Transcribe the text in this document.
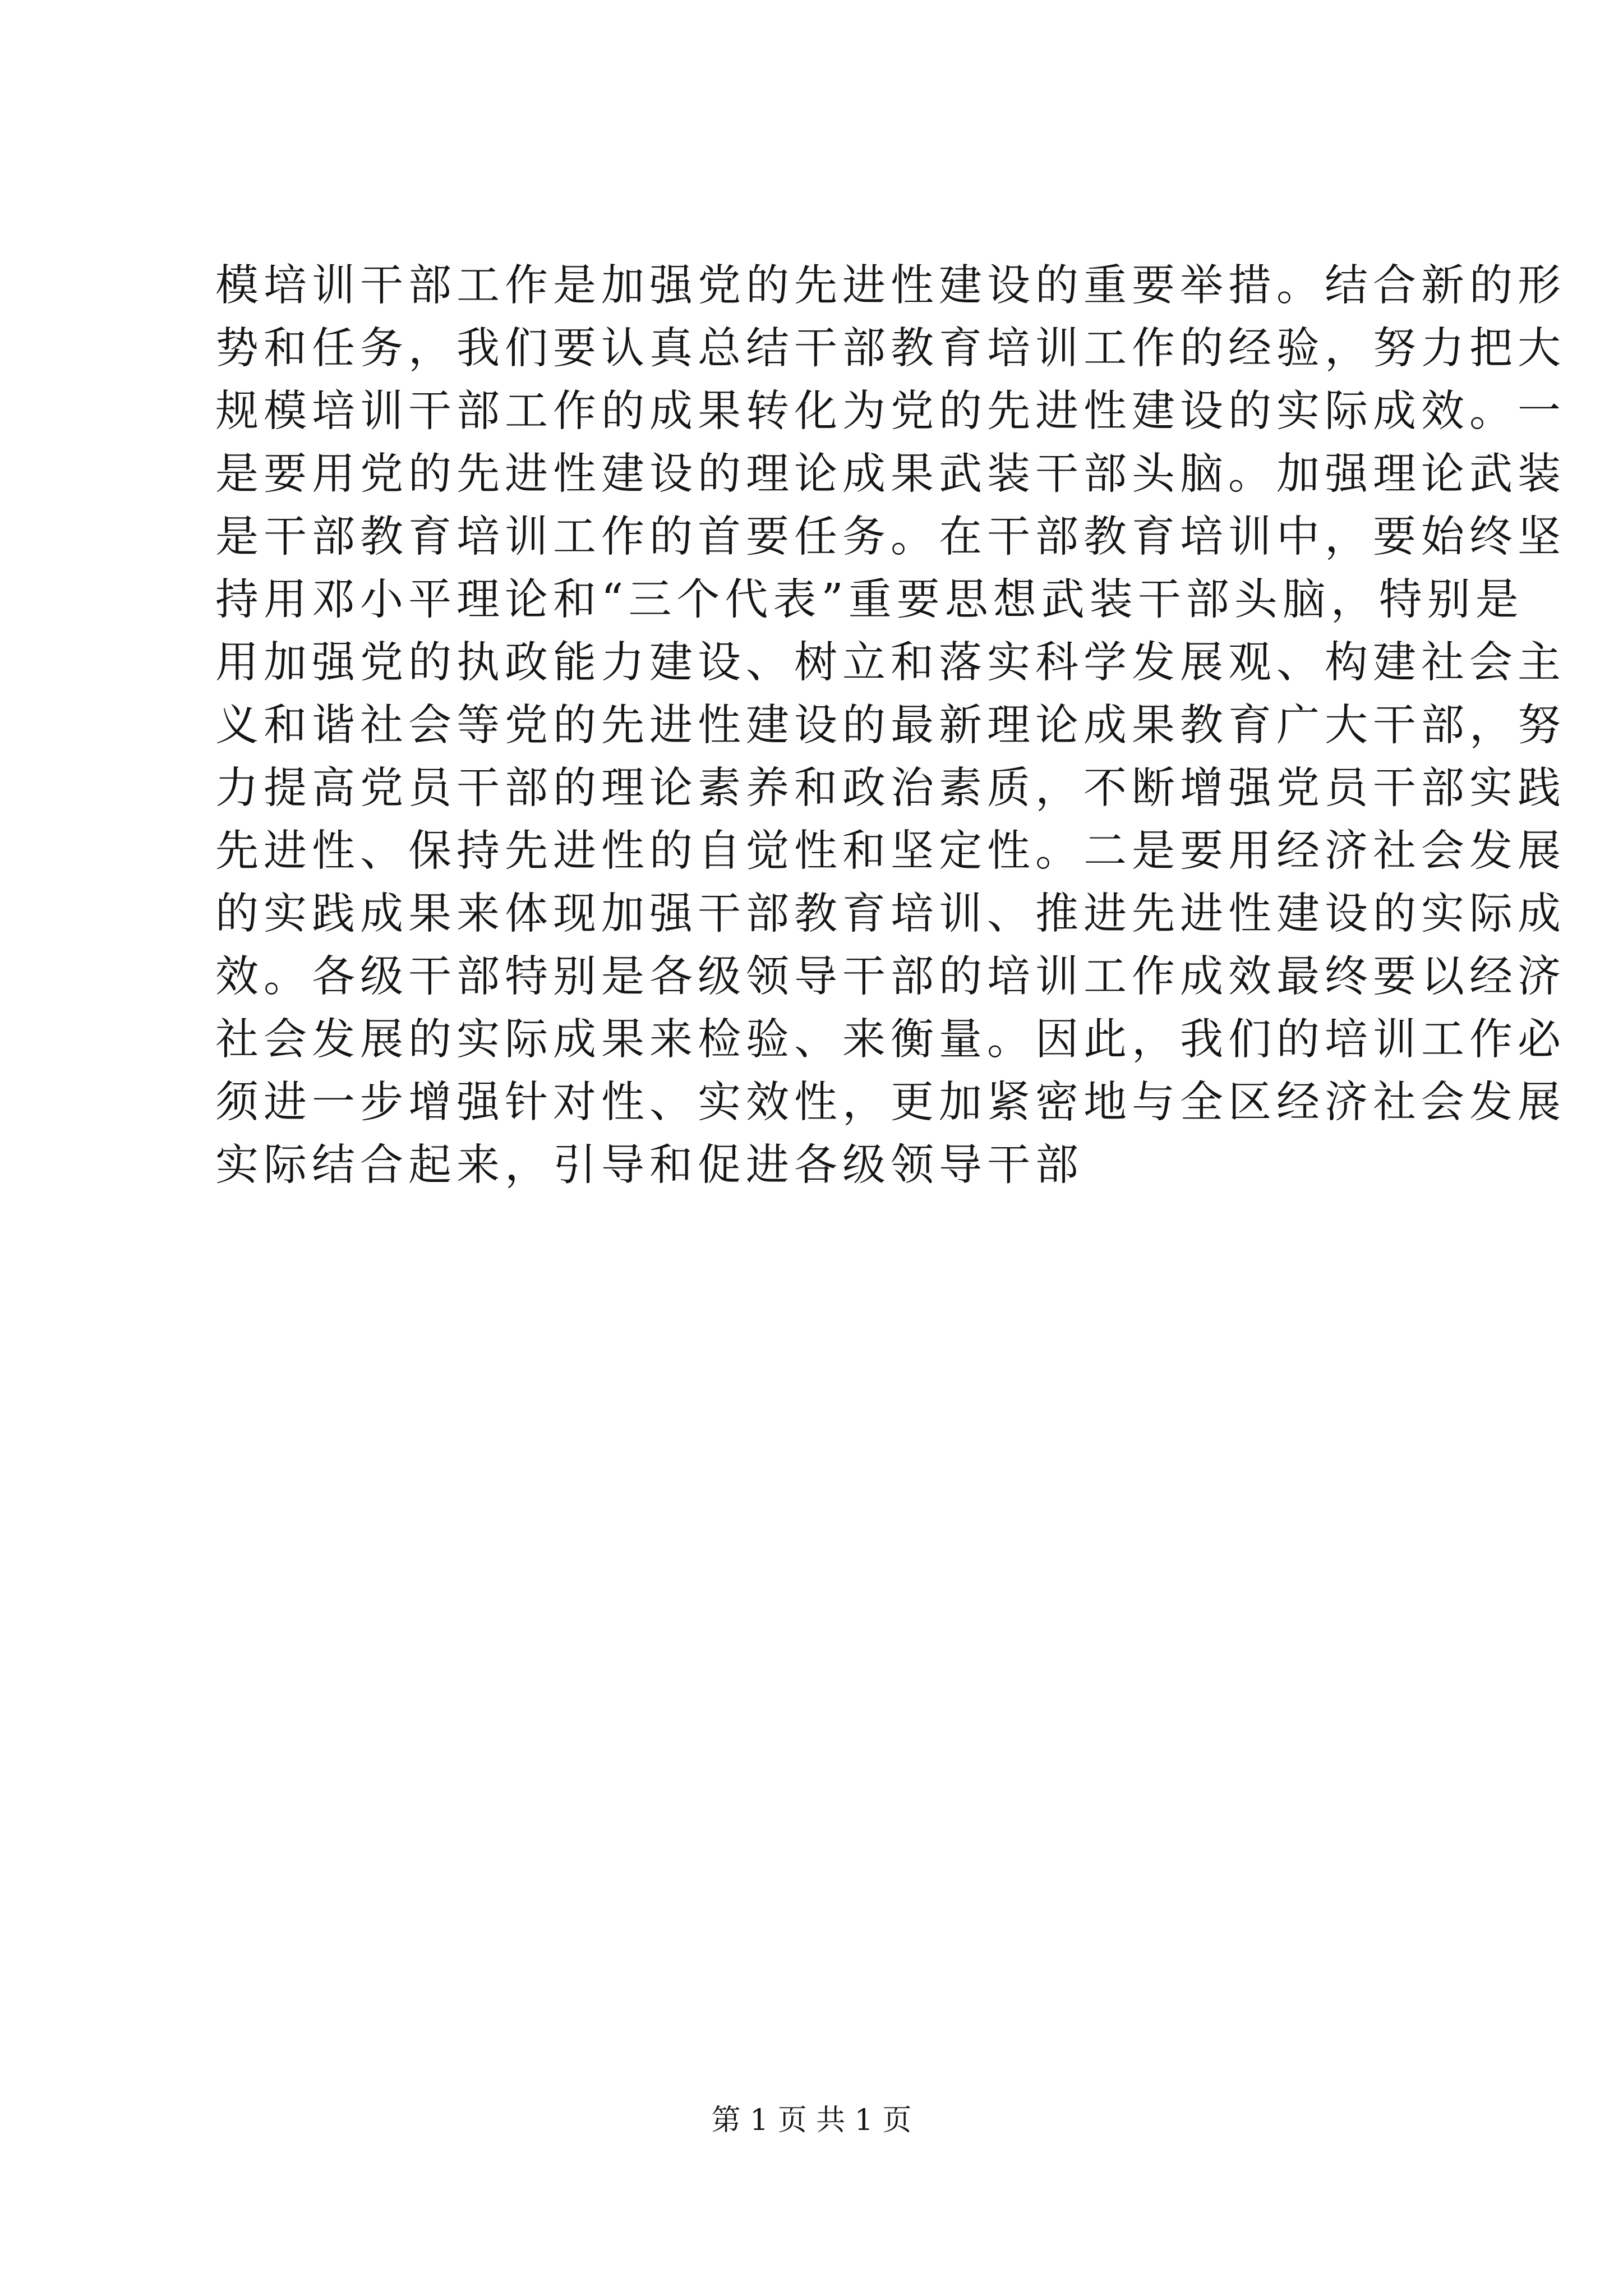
模培训干部工作是加强党的先进性建设的重要举措。结合新的形
势和任务，我们要认真总结干部教育培训工作的经验，努力把大
规模培训干部工作的成果转化为党的先进性建设的实际成效。一
是要用党的先进性建设的理论成果武装干部头脑。加强理论武装
是干部教育培训工作的首要任务。在干部教育培训中，要始终坚
持用邓小平理论和“三个代表”重要思想武装干部头脑，特别是
用加强党的执政能力建设、树立和落实科学发展观、构建社会主
义和谐社会等党的先进性建设的最新理论成果教育广大干部，努
力提高党员干部的理论素养和政治素质，不断增强党员干部实践
先进性、保持先进性的自觉性和坚定性。二是要用经济社会发展
的实践成果来体现加强干部教育培训、推进先进性建设的实际成
效。各级干部特别是各级领导干部的培训工作成效最终要以经济
社会发展的实际成果来检验、来衡量。因此，我们的培训工作必
须进一步增强针对性、实效性，更加紧密地与全区经济社会发展
实际结合起来，引导和促进各级领导干部
第 1 页 共 1 页
